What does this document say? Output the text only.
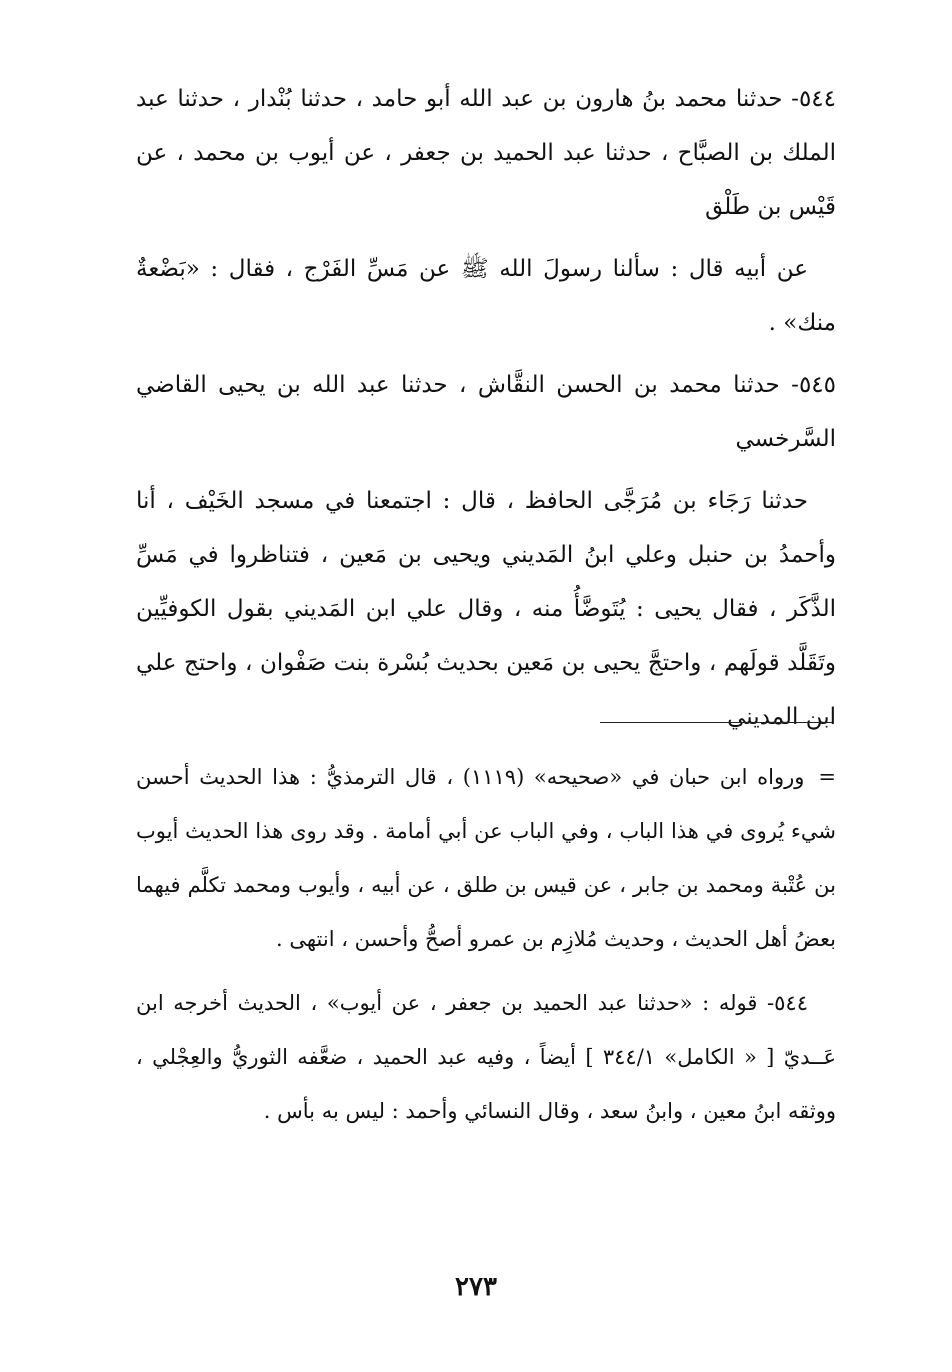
٥٤٤- حدثنا محمد بنُ هارون بن عبد الله أبو حامد ، حدثنا بُنْدار ، حدثنا عبد الملك بن الصبَّاح ، حدثنا عبد الحميد بن جعفر ، عن أيوب بن محمد ، عن قَيْس بن طَلْق

عن أبيه قال : سألنا رسولَ الله ﷺ عن مَسِّ الفَرْج ، فقال : «بَضْعةٌ منك» .

٥٤٥- حدثنا محمد بن الحسن النقَّاش ، حدثنا عبد الله بن يحيى القاضي السَّرخسي

حدثنا رَجَاء بن مُرَجَّى الحافظ ، قال : اجتمعنا في مسجد الخَيْف ، أنا وأحمدُ بن حنبل وعلي ابنُ المَديني ويحيى بن مَعين ، فتناظروا في مَسِّ الذَّكَر ، فقال يحيى : يُتَوضَّأُ منه ، وقال علي ابن المَديني بقول الكوفيِّين وتَقَلَّد قولَهم ، واحتجَّ يحيى بن مَعين بحديث بُسْرة بنت صَفْوان ، واحتج علي ابن المديني

=ورواه ابن حبان في «صحيحه» (١١١٩) ، قال الترمذيُّ : هذا الحديث أحسن شيء يُروى في هذا الباب ، وفي الباب عن أبي أمامة . وقد روى هذا الحديث أيوب بن عُتْبة ومحمد بن جابر ، عن قيس بن طلق ، عن أبيه ، وأيوب ومحمد تكلَّم فيهما بعضُ أهل الحديث ، وحديث مُلازِم بن عمرو أصحُّ وأحسن ، انتهى .

٥٤٤- قوله : «حدثنا عبد الحميد بن جعفر ، عن أيوب» ، الحديث أخرجه ابن عَــديّ [ « الكامل» ٣٤٤/١ ] أيضاً ، وفيه عبد الحميد ، ضعَّفه الثوريُّ والعِجْلي ، ووثقه ابنُ معين ، وابنُ سعد ، وقال النسائي وأحمد : ليس به بأس .

٢٧٣
